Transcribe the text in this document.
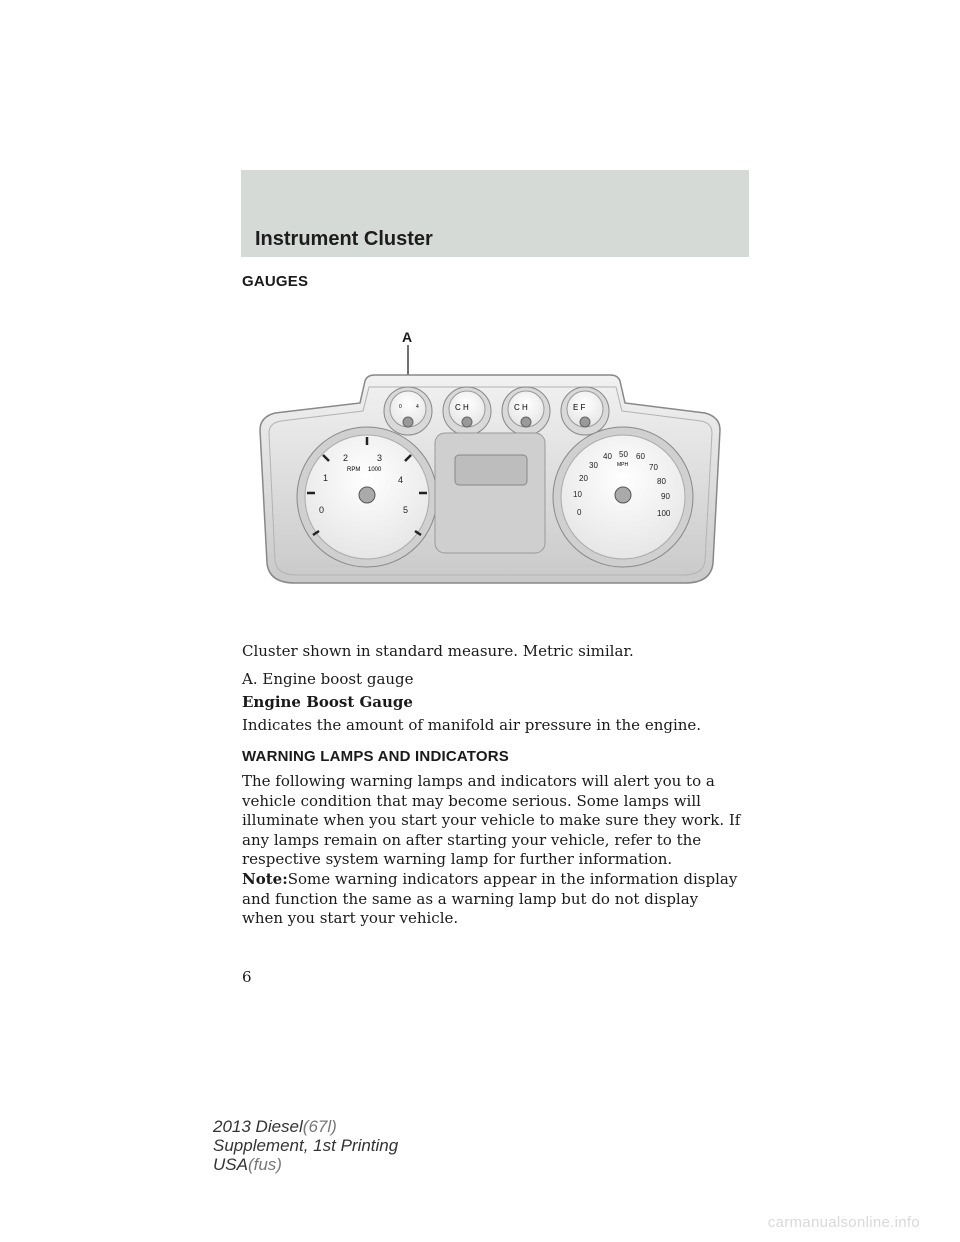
Instrument Cluster
GAUGES
A
0	4	C H	C H	E F
0
1
2	3
4
5
RPM 1000
0
10
20
30
40 50 60
70
80
90
100
MPH
Cluster shown in standard measure. Metric similar.
A. Engine boost gauge
Engine Boost Gauge
Indicates the amount of manifold air pressure in the engine.
WARNING LAMPS AND INDICATORS
The following warning lamps and indicators will alert you to a vehicle condition that may become serious. Some lamps will illuminate when you start your vehicle to make sure they work. If any lamps remain on after starting your vehicle, refer to the respective system warning lamp for further information.
Note:Some warning indicators appear in the information display and function the same as a warning lamp but do not display when you start your vehicle.
6
2013 Diesel(67l)
Supplement, 1st Printing
USA(fus)
carmanualsonline.info
